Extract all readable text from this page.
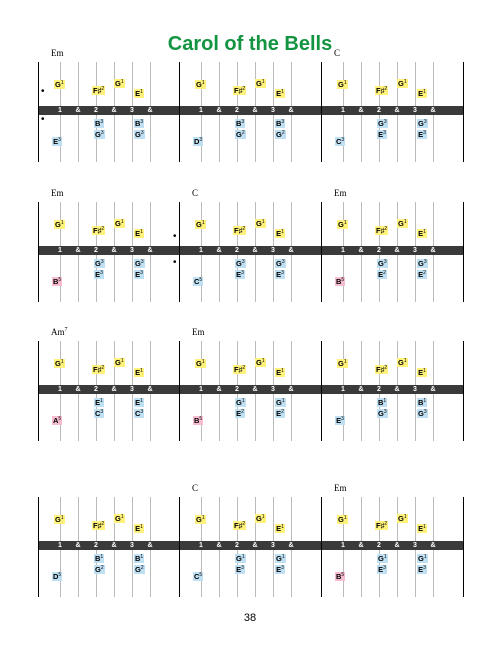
Carol of the Bells
1	&	2	&	3	&
Em
$G^1$
F♯$^2$
$G^1$
$E^1$
$B^3$	$B^3$
$G^3$	$G^3$
$E^3$
1	&	2	&	3	&
$G^1$
F♯$^2$
$G^1$
$E^1$
$B^3$	$B^3$
$G^2$	$G^2$
$D^3$
1	&	2	&	3	&
C
$G^1$
F♯$^2$
$G^1$
$E^1$
$G^3$	$G^3$
$E^3$	$E^3$
$C^3$
1	&	2	&	3	&
Em
$G^1$
F♯$^2$
$G^1$
$E^1$
$G^3$	$G^3$
$E^3$	$E^3$
$B^5$
1	&	2	&	3	&
C
$G^1$
F♯$^2$
$G^1$
$E^1$
$G^3$	$G^3$
$E^3$	$E^3$
$C^5$
1	&	2	&	3	&
Em
$G^1$
F♯$^2$
$G^1$
$E^1$
$G^3$	$G^3$
$E^2$	$E^2$
$B^5$
1	&	2	&	3	&
Am$^7$
$G^1$
F♯$^2$
$G^1$
$E^1$
$E^1$	$E^1$
$C^3$	$C^3$
$A^5$
1	&	2	&	3	&
Em
$G^1$
F♯$^2$
$G^1$
$E^1$
$G^1$	$G^1$
$E^2$	$E^2$
$B^5$
1	&	2	&	3	&
$G^1$
F♯$^2$
$G^1$
$E^1$
$B^1$	$B^1$
$G^3$	$G^3$
$E^3$
1	&	2	&	3	&
$G^1$
F♯$^2$
$G^1$
$E^1$
$B^1$	$B^1$
$G^2$	$G^2$
$D^5$
1	&	2	&	3	&
C
$G^1$
F♯$^2$
$G^1$
$E^1$
$G^1$	$G^1$
$E^3$	$E^3$
$C^5$
1	&	2	&	3	&
Em
$G^1$
F♯$^2$
$G^1$
$E^1$
$G^1$	$G^1$
$E^3$	$E^3$
$B^5$
•
•
•
•
38
